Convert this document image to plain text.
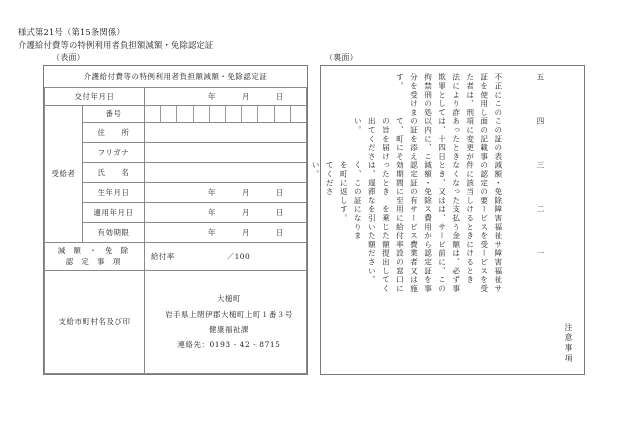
様式第21号（第15条関係）
介護給付費等の特例利用者負担額減額・免除認定証
（表面）	（裏面）
介護給付費等の特例利用者負担額減額・免除認定証		
交付年月日		年 月 日

受給者	番号	

	住　　所	
	フリガナ	
	氏　　名	
	生年月日	年 月 日

	適用年月日	年 月 日

	有効期限	年 月 日

減 額 ・ 免 除
認 定 事 項

給付率	／100

支給市町村名及び印		大槌町
岩手県上閉伊郡大槌町上町１番３号
健康福祉課
連絡先：0193 - 42 - 8715	注意事項

一

障害福祉サービスを受けるときは、必ず事前に、この認定証を事業者又は施設の窓口に提出してください。

二

障害福祉サービスを受けるときに支払う金額は、サービス費用からサービス費用に給付率を乗じた額を引いた額になります。

三

減額・免除の認定の要件に該当しなくなったとき、又は減額・免除認定証の有効期間に至ったときは、遅滞なく、この証を町に返してください。

四

この証の表面の記載事項に変更があったときは、十四日以内に、この証を添えて、町にその旨を届け出てください。

五

不正にこの証を使用した者は、刑法により詐欺罪として拘禁刑の処分を受けます。
